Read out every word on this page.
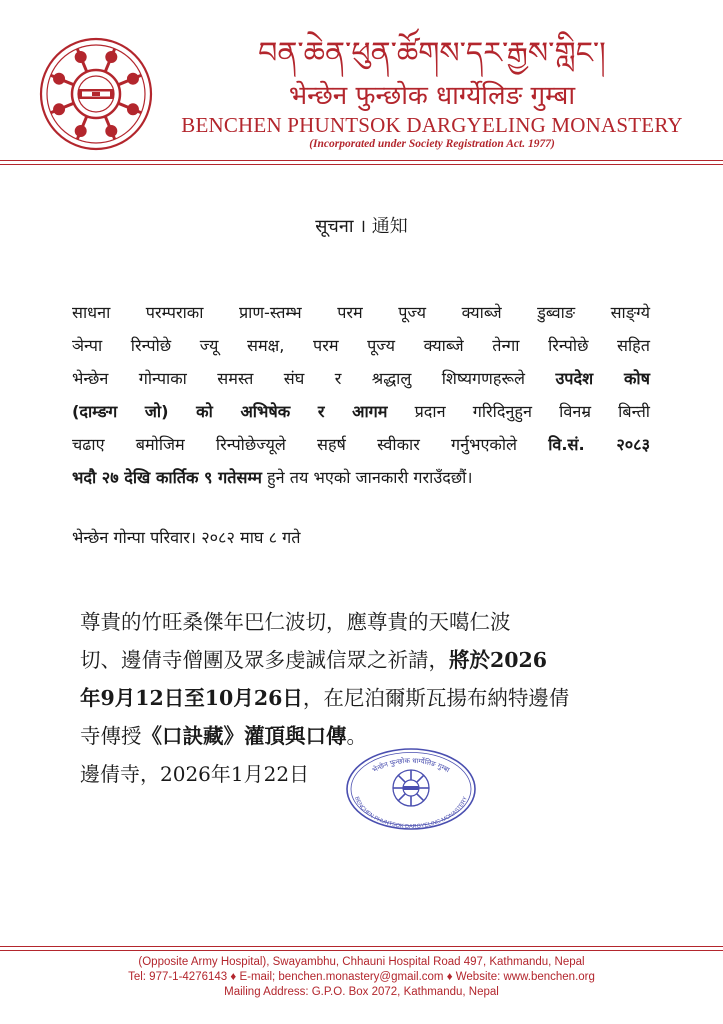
བན་ཆེན་ཕུན་ཚོགས་དར་རྒྱས་གླིང་།
भेन्छेन फुन्छोक धार्ग्येलिङ गुम्बा
BENCHEN PHUNTSOK DARGYELING MONASTERY
(Incorporated under Society Registration Act. 1977)
सूचना । 通知
साधना परम्पराका प्राण-स्तम्भ परम पूज्य क्याब्जे डुब्वाङ साङ्ग्ये
ञेन्पा रिन्पोछे ज्यू समक्ष, परम पूज्य क्याब्जे तेन्गा रिन्पोछे सहित
भेन्छेन गोन्पाका समस्त संघ र श्रद्धालु शिष्यगणहरूले उपदेश कोष
(दाम्ङग जो) को अभिषेक र आगम प्रदान गरिदिनुहुन विनम्र बिन्ती
चढाए बमोजिम रिन्पोछेज्यूले सहर्ष स्वीकार गर्नुभएकोले वि.सं. २०८३
भदौ २७ देखि कार्तिक ९ गतेसम्म हुने तय भएको जानकारी गराउँदछौं।
भेन्छेन गोन्पा परिवार। २०८२ माघ ८ गते
尊貴的竹旺桑傑年巴仁波切，應尊貴的天噶仁波
切、邊倩寺僧團及眾多虔誠信眾之祈請，將於2026
年9月12日至10月26日，在尼泊爾斯瓦揚布納特邊倩
寺傳授《口訣藏》灌頂與口傳。
邊倩寺，2026年1月22日	भेन्छेन फुन्छोक धार्ग्येलिङ गुम्बा
BENCHEN PHUNTSOK DARGYELING MONASTERY
(Opposite Army Hospital), Swayambhu, Chhauni Hospital Road 497, Kathmandu, Nepal
Tel: 977-1-4276143 ♦ E-mail; benchen.monastery@gmail.com ♦ Website: www.benchen.org
Mailing Address: G.P.O. Box 2072, Kathmandu, Nepal
